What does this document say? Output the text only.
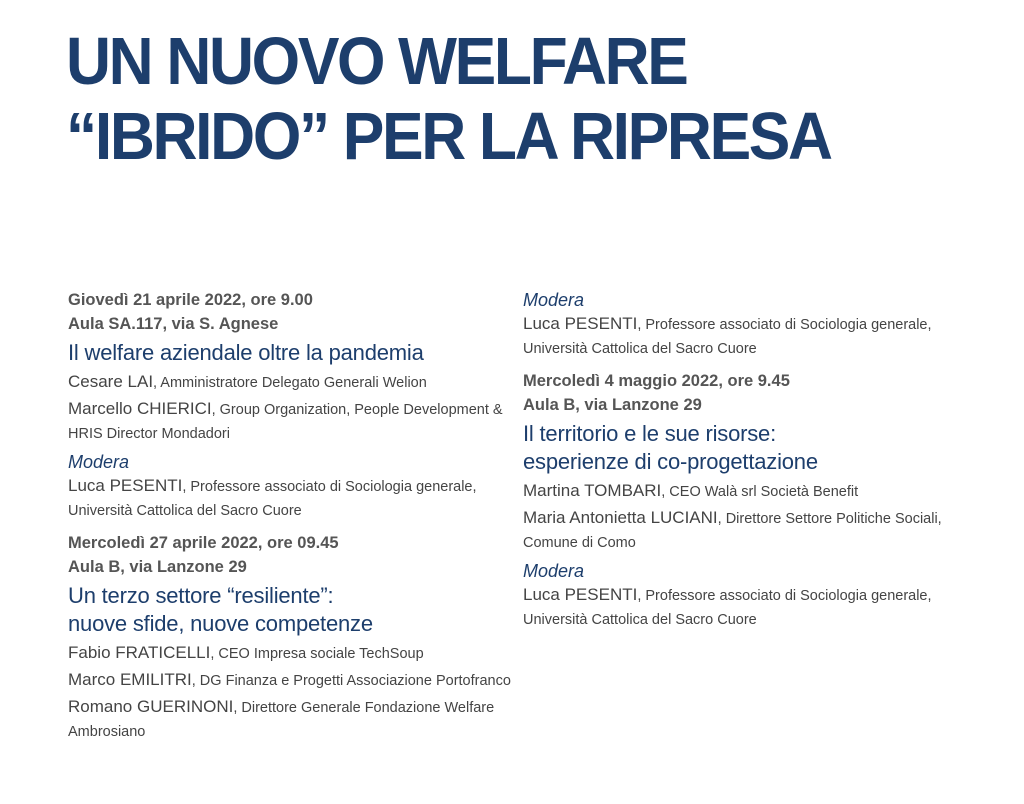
UN NUOVO WELFARE
“IBRIDO” PER LA RIPRESA
Giovedì 21 aprile 2022, ore 9.00
Aula SA.117, via S. Agnese
Il welfare aziendale oltre la pandemia
Cesare LAI, Amministratore Delegato Generali Welion
Marcello CHIERICI, Group Organization, People Development & HRIS Director Mondadori
Modera
Luca PESENTI, Professore associato di Sociologia generale, Università Cattolica del Sacro Cuore
Mercoledì 27 aprile 2022, ore 09.45
Aula B, via Lanzone 29
Un terzo settore “resiliente”:
nuove sfide, nuove competenze
Fabio FRATICELLI, CEO Impresa sociale TechSoup
Marco EMILITRI, DG Finanza e Progetti Associazione Portofranco
Romano GUERINONI, Direttore Generale Fondazione Welfare Ambrosiano
Modera
Luca PESENTI, Professore associato di Sociologia generale, Università Cattolica del Sacro Cuore
Mercoledì 4 maggio 2022, ore 9.45
Aula B, via Lanzone 29
Il territorio e le sue risorse:
esperienze di co-progettazione
Martina TOMBARI, CEO Walà srl Società Benefit
Maria Antonietta LUCIANI, Direttore Settore Politiche Sociali, Comune di Como
Modera
Luca PESENTI, Professore associato di Sociologia generale, Università Cattolica del Sacro Cuore
